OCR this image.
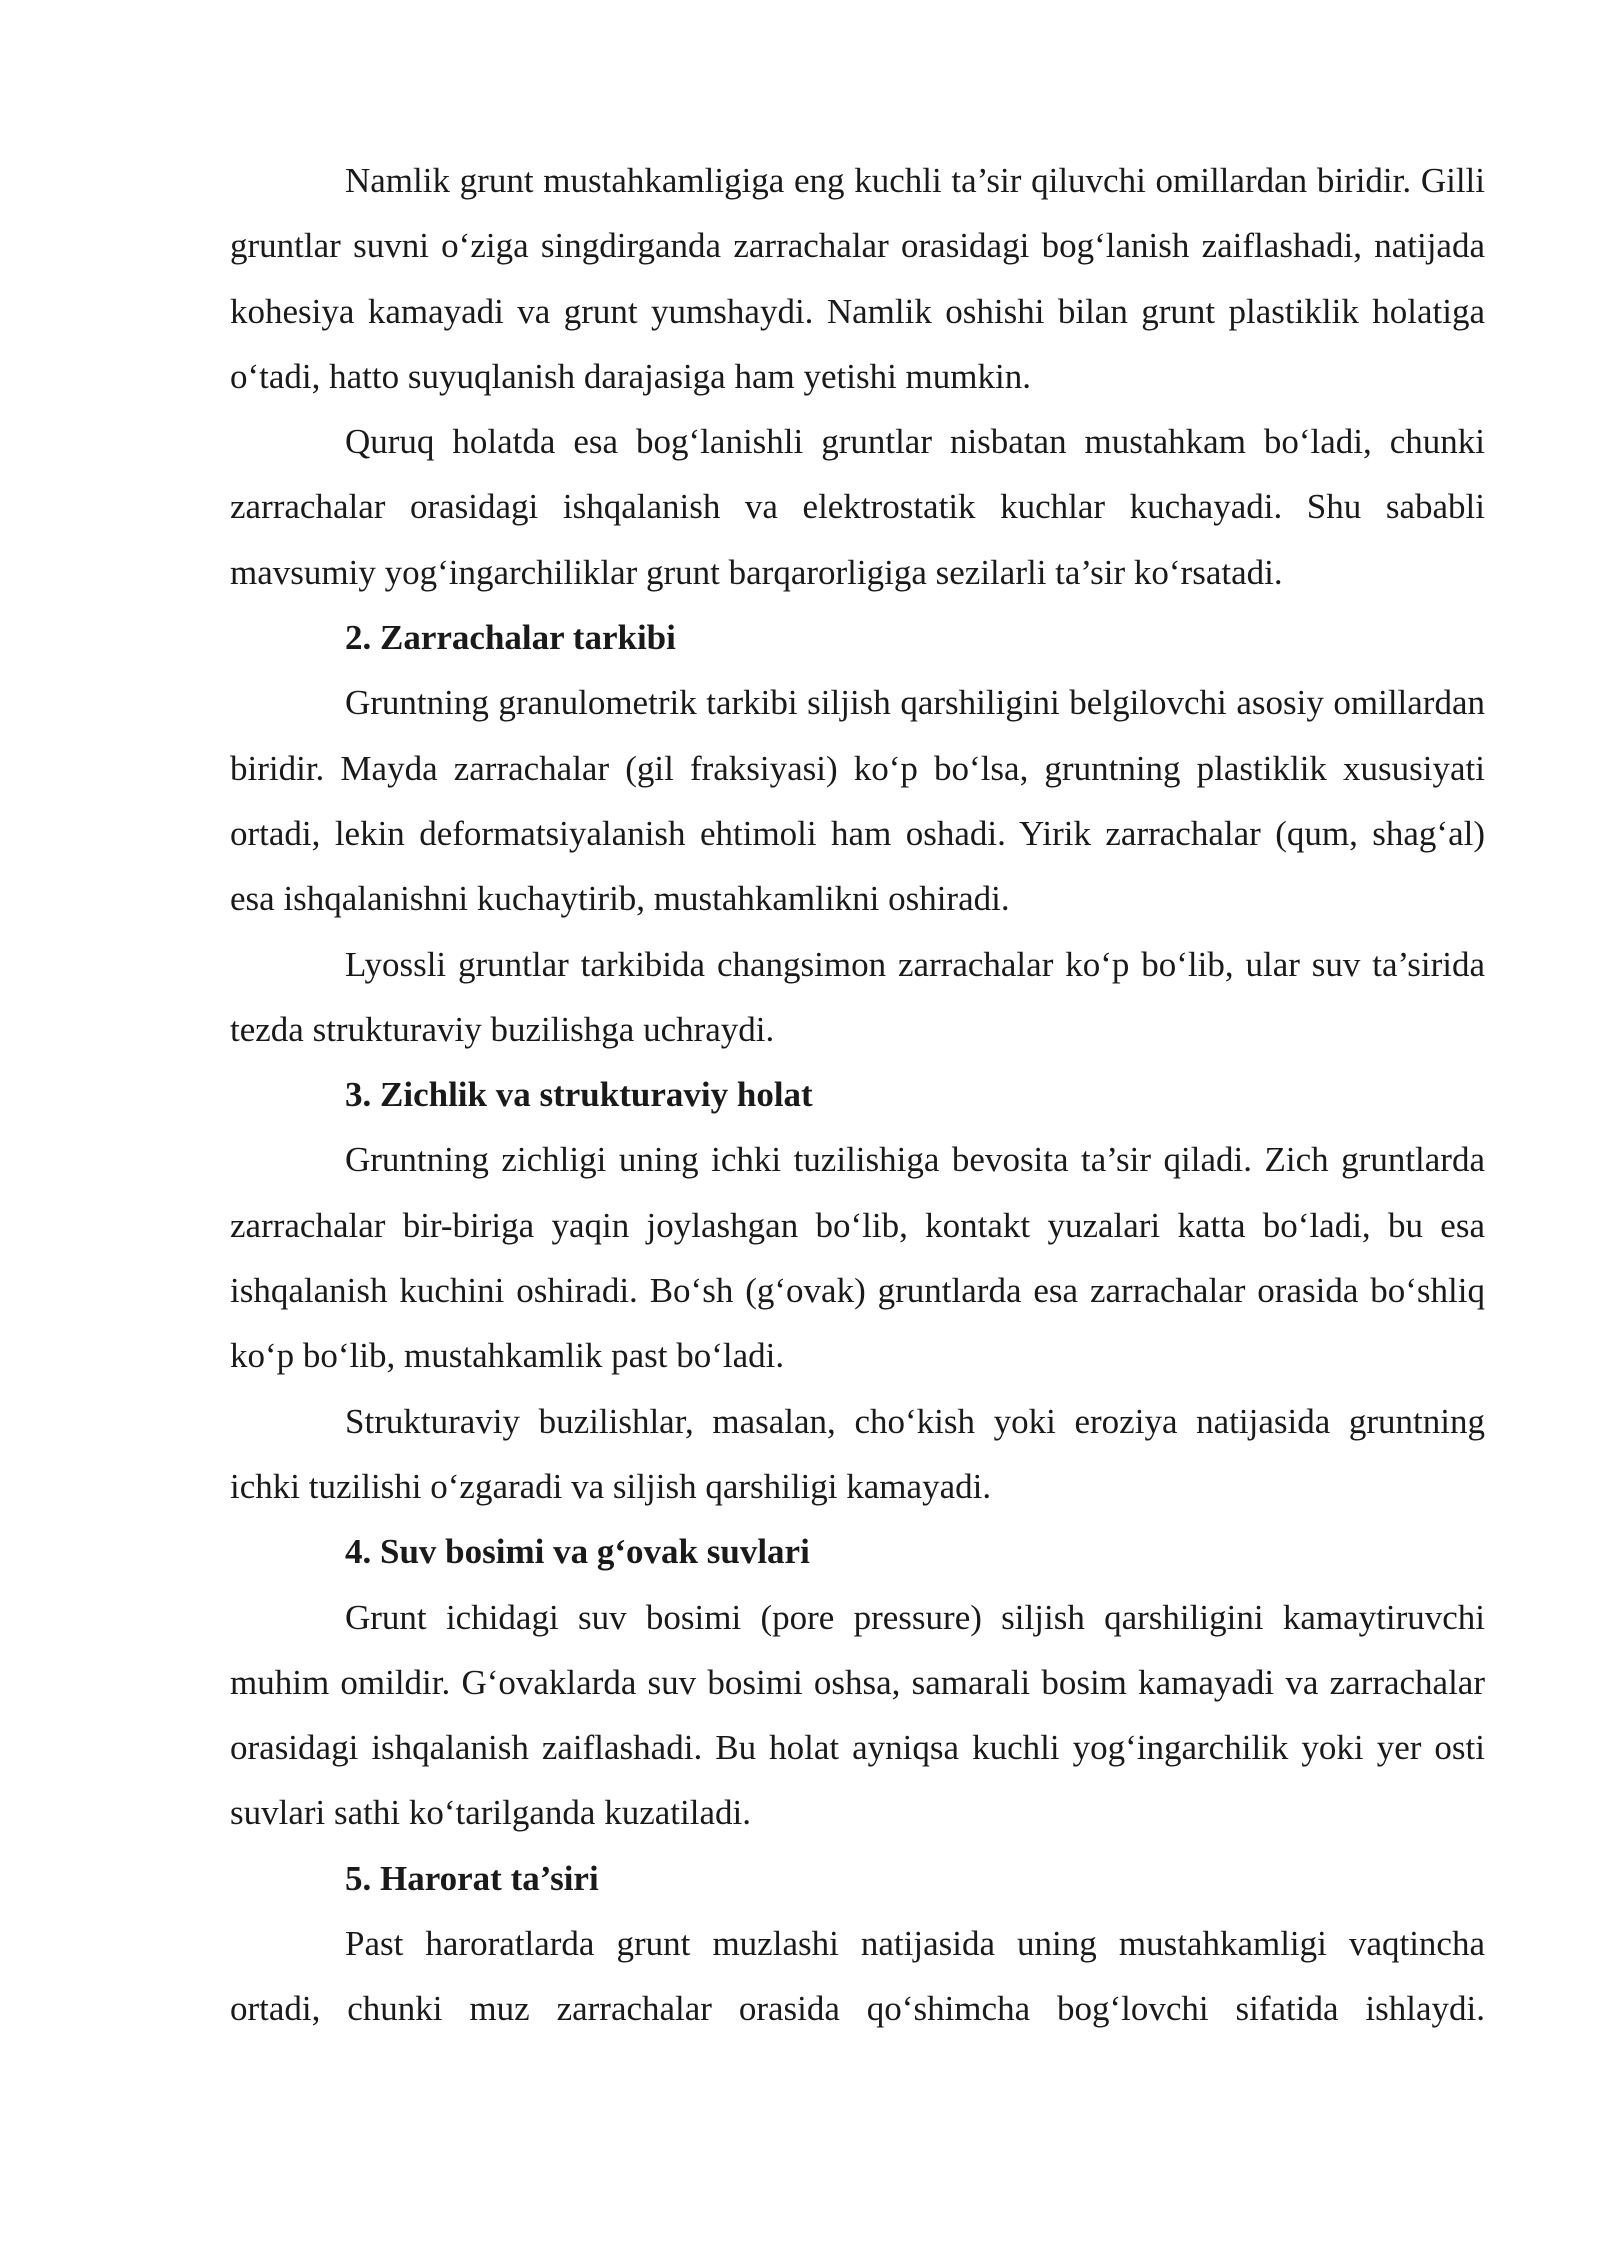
Namlik grunt mustahkamligiga eng kuchli ta’sir qiluvchi omillardan biridir. Gilli gruntlar suvni o‘ziga singdirganda zarrachalar orasidagi bog‘lanish zaiflashadi, natijada kohesiya kamayadi va grunt yumshaydi. Namlik oshishi bilan grunt plastiklik holatiga o‘tadi, hatto suyuqlanish darajasiga ham yetishi mumkin.

Quruq holatda esa bog‘lanishli gruntlar nisbatan mustahkam bo‘ladi, chunki zarrachalar orasidagi ishqalanish va elektrostatik kuchlar kuchayadi. Shu sababli mavsumiy yog‘ingarchiliklar grunt barqarorligiga sezilarli ta’sir ko‘rsatadi.

2. Zarrachalar tarkibi

Gruntning granulometrik tarkibi siljish qarshiligini belgilovchi asosiy omillardan biridir. Mayda zarrachalar (gil fraksiyasi) ko‘p bo‘lsa, gruntning plastiklik xususiyati ortadi, lekin deformatsiyalanish ehtimoli ham oshadi. Yirik zarrachalar (qum, shag‘al) esa ishqalanishni kuchaytirib, mustahkamlikni oshiradi.

Lyossli gruntlar tarkibida changsimon zarrachalar ko‘p bo‘lib, ular suv ta’sirida tezda strukturaviy buzilishga uchraydi.

3. Zichlik va strukturaviy holat

Gruntning zichligi uning ichki tuzilishiga bevosita ta’sir qiladi. Zich gruntlarda zarrachalar bir-biriga yaqin joylashgan bo‘lib, kontakt yuzalari katta bo‘ladi, bu esa ishqalanish kuchini oshiradi. Bo‘sh (g‘ovak) gruntlarda esa zarrachalar orasida bo‘shliq ko‘p bo‘lib, mustahkamlik past bo‘ladi.

Strukturaviy buzilishlar, masalan, cho‘kish yoki eroziya natijasida gruntning ichki tuzilishi o‘zgaradi va siljish qarshiligi kamayadi.

4. Suv bosimi va g‘ovak suvlari

Grunt ichidagi suv bosimi (pore pressure) siljish qarshiligini kamaytiruvchi muhim omildir. G‘ovaklarda suv bosimi oshsa, samarali bosim kamayadi va zarrachalar orasidagi ishqalanish zaiflashadi. Bu holat ayniqsa kuchli yog‘ingarchilik yoki yer osti suvlari sathi ko‘tarilganda kuzatiladi.

5. Harorat ta’siri

Past haroratlarda grunt muzlashi natijasida uning mustahkamligi vaqtincha ortadi, chunki muz zarrachalar orasida qo‘shimcha bog‘lovchi sifatida ishlaydi.
